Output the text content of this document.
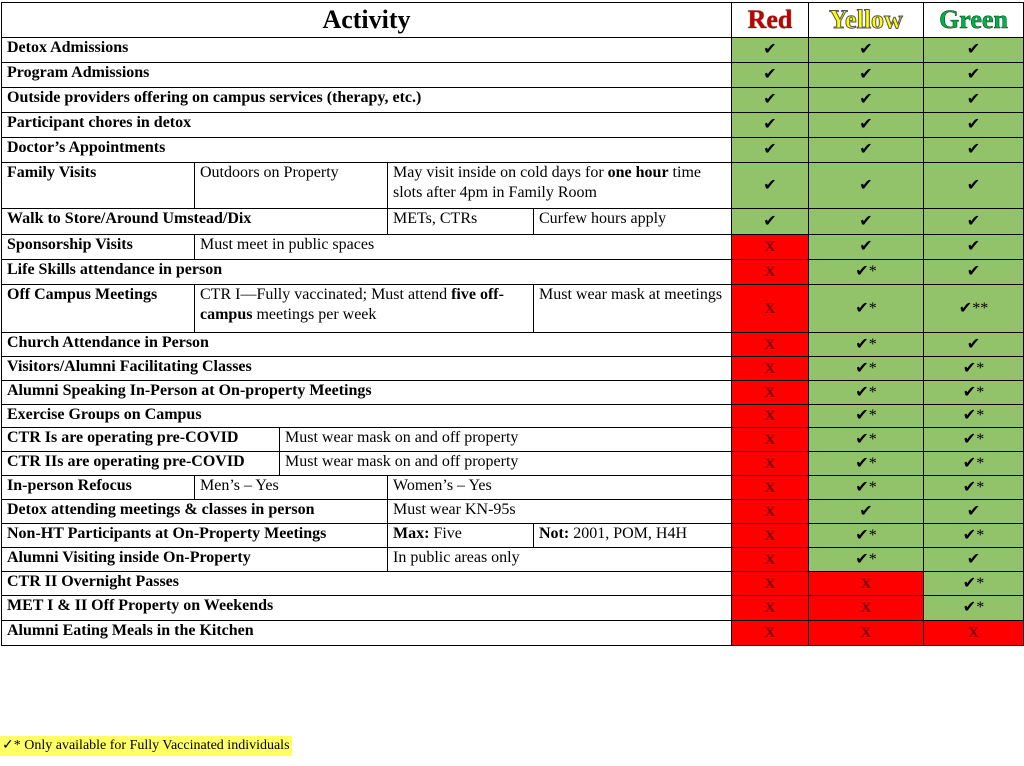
Activity					Red	Yellow	Green
Detox Admissions					✔	✔	✔
Program Admissions					✔	✔	✔
Outside providers offering on campus services (therapy, etc.)					✔	✔	✔
Participant chores in detox					✔	✔	✔
Doctor’s Appointments					✔	✔	✔
Family Visits	Outdoors on Property		May visit inside on cold days for one hour time slots after 4pm in Family Room		✔	✔	✔
Walk to Store/Around Umstead/Dix			METs, CTRs	Curfew hours apply	✔	✔	✔
Sponsorship Visits	Must meet in public spaces				X	✔	✔
Life Skills attendance in person					X	✔*	✔
Off Campus Meetings	CTR I—Fully vaccinated; Must attend five off-campus meetings per week			Must wear mask at meetings	X	✔*	✔**
Church Attendance in Person					X	✔*	✔
Visitors/Alumni Facilitating Classes					X	✔*	✔*
Alumni Speaking In-Person at On-property Meetings					X	✔*	✔*
Exercise Groups on Campus					X	✔*	✔*
CTR Is are operating pre-COVID		Must wear mask on and off property			X	✔*	✔*
CTR IIs are operating pre-COVID		Must wear mask on and off property			X	✔*	✔*
In-person Refocus	Men’s – Yes		Women’s – Yes		X	✔*	✔*
Detox attending meetings & classes in person			Must wear KN-95s		X	✔	✔
Non-HT Participants at On-Property Meetings			Max: Five	Not: 2001, POM, H4H	X	✔*	✔*
Alumni Visiting inside On-Property			In public areas only		X	✔*	✔
CTR II Overnight Passes					X	X	✔*
MET I & II Off Property on Weekends					X	X	✔*
Alumni Eating Meals in the Kitchen					X	X	X
✓* Only available for Fully Vaccinated individuals
